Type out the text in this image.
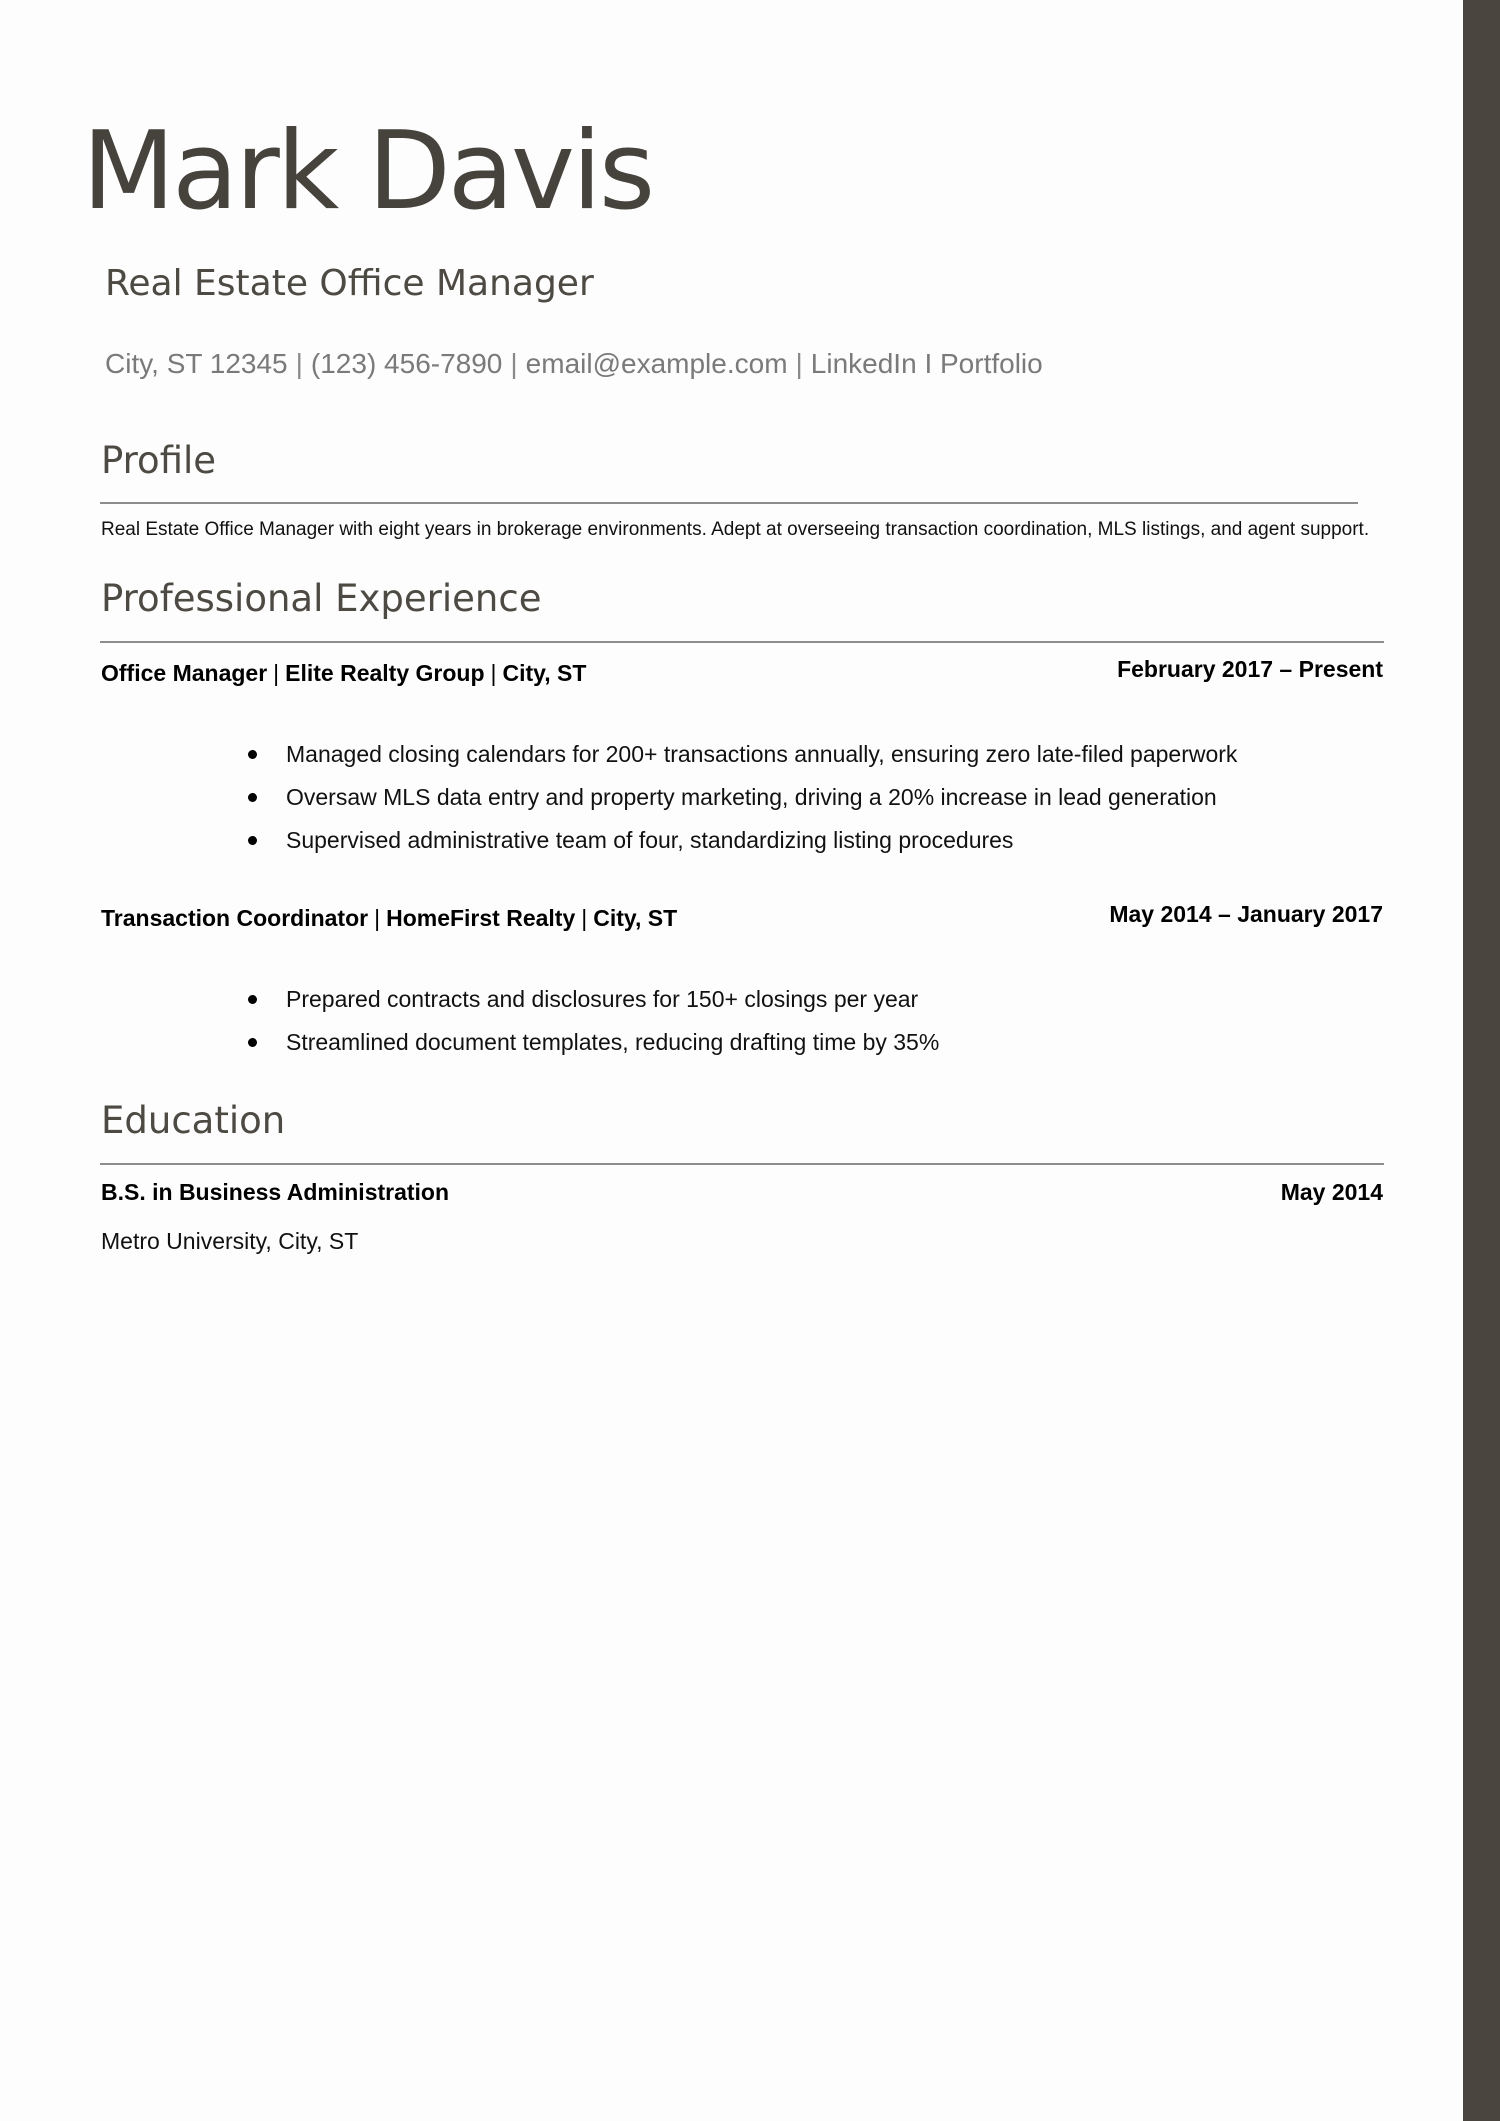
Mark Davis
Real Estate Office Manager
City, ST 12345 | (123) 456-7890 | email@example.com | LinkedIn I Portfolio
Profile
Real Estate Office Manager with eight years in brokerage environments. Adept at overseeing transaction coordination, MLS listings, and agent support.
Professional Experience
Office Manager | Elite Realty Group | City, ST	February 2017 – Present
Managed closing calendars for 200+ transactions annually, ensuring zero late-filed paperwork
Oversaw MLS data entry and property marketing, driving a 20% increase in lead generation
Supervised administrative team of four, standardizing listing procedures
Transaction Coordinator | HomeFirst Realty | City, ST	May 2014 – January 2017
Prepared contracts and disclosures for 150+ closings per year
Streamlined document templates, reducing drafting time by 35%
Education
B.S. in Business Administration	May 2014
Metro University, City, ST
